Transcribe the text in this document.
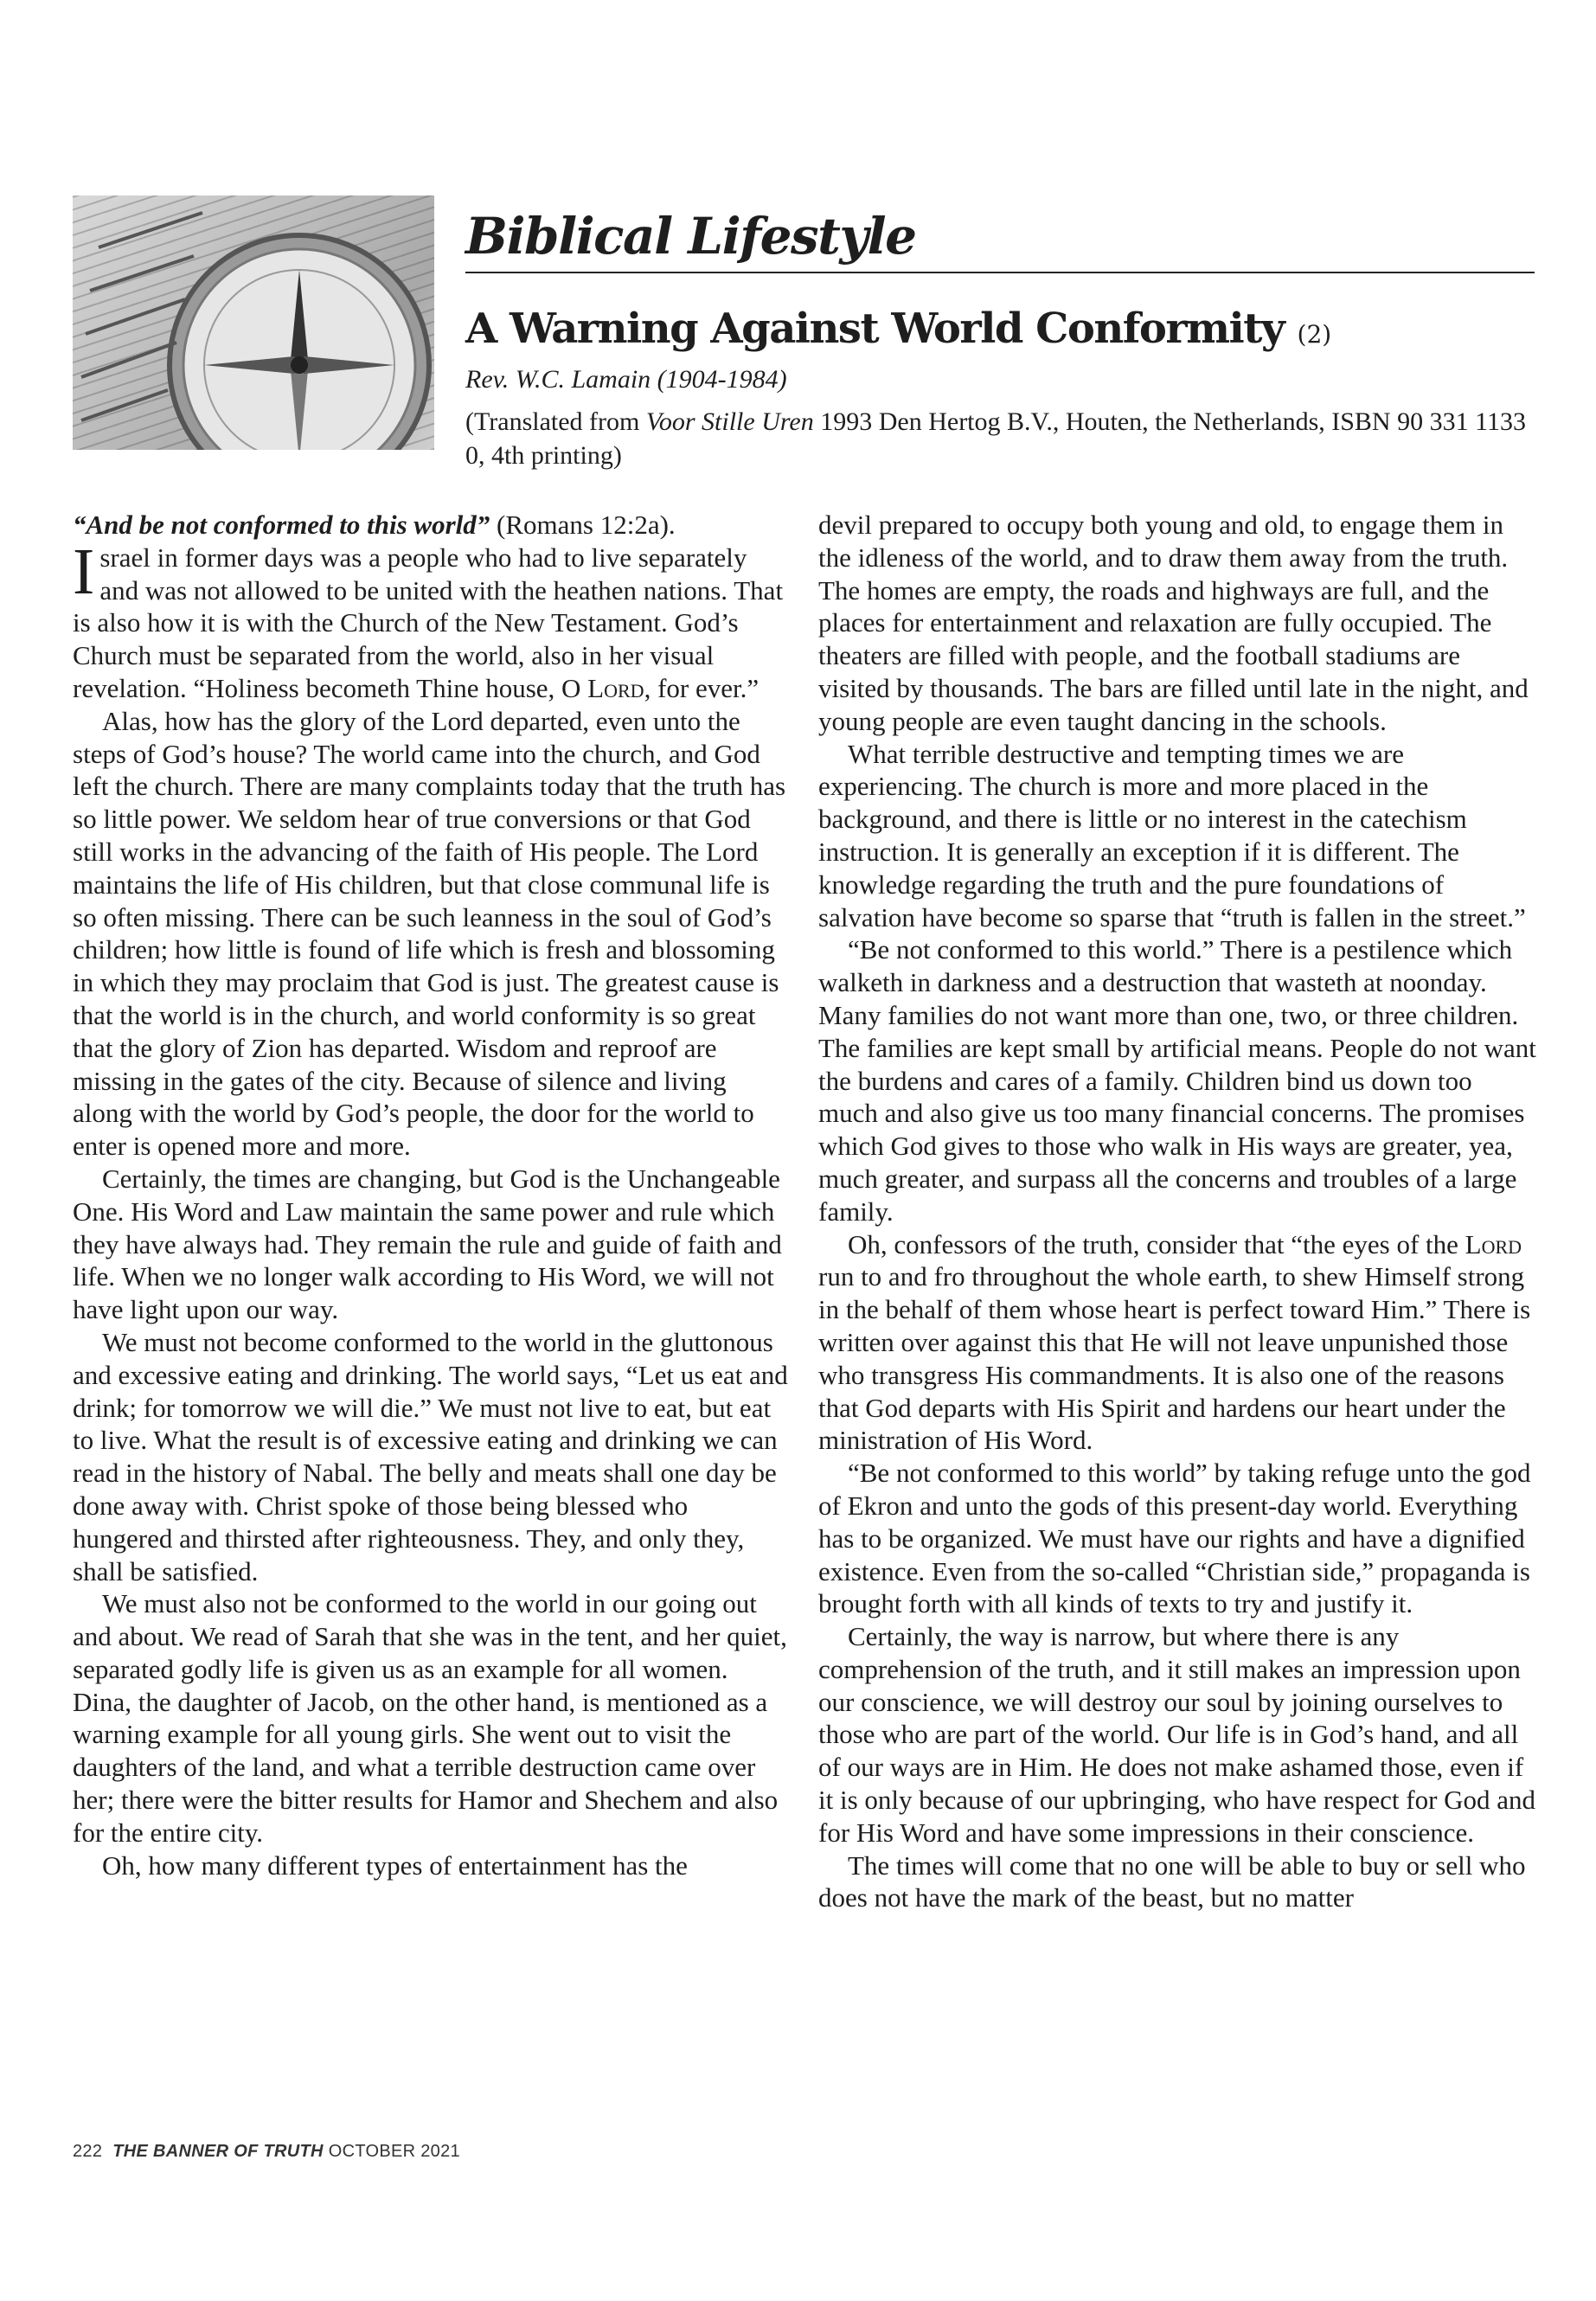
Biblical Lifestyle
A Warning Against World Conformity (2)
Rev. W.C. Lamain (1904-1984)
(Translated from Voor Stille Uren 1993 Den Hertog B.V., Houten, the Netherlands, ISBN 90 331 1133 0, 4th printing)

“And be not conformed to this world” (Romans 12:2a).

Israel in former days was a people who had to live separately and was not allowed to be united with the heathen nations. That is also how it is with the Church of the New Testament. God’s Church must be separated from the world, also in her visual revelation. “Holiness becometh Thine house, O Lord, for ever.”

Alas, how has the glory of the Lord departed, even unto the steps of God’s house? The world came into the church, and God left the church. There are many complaints today that the truth has so little power. We seldom hear of true conversions or that God still works in the advancing of the faith of His people. The Lord maintains the life of His children, but that close communal life is so often missing. There can be such leanness in the soul of God’s children; how little is found of life which is fresh and blossoming in which they may proclaim that God is just. The greatest cause is that the world is in the church, and world conformity is so great that the glory of Zion has departed. Wisdom and reproof are missing in the gates of the city. Because of silence and living along with the world by God’s people, the door for the world to enter is opened more and more.

Certainly, the times are changing, but God is the Unchangeable One. His Word and Law maintain the same power and rule which they have always had. They remain the rule and guide of faith and life. When we no longer walk according to His Word, we will not have light upon our way.

We must not become conformed to the world in the gluttonous and excessive eating and drinking. The world says, “Let us eat and drink; for tomorrow we will die.” We must not live to eat, but eat to live. What the result is of excessive eating and drinking we can read in the history of Nabal. The belly and meats shall one day be done away with. Christ spoke of those being blessed who hungered and thirsted after righteousness. They, and only they, shall be satisfied.

We must also not be conformed to the world in our going out and about. We read of Sarah that she was in the tent, and her quiet, separated godly life is given us as an example for all women. Dina, the daughter of Jacob, on the other hand, is mentioned as a warning example for all young girls. She went out to visit the daughters of the land, and what a terrible destruction came over her; there were the bitter results for Hamor and Shechem and also for the entire city.

Oh, how many different types of entertainment has the

devil prepared to occupy both young and old, to engage them in the idleness of the world, and to draw them away from the truth. The homes are empty, the roads and highways are full, and the places for entertainment and relaxation are fully occupied. The theaters are filled with people, and the football stadiums are visited by thousands. The bars are filled until late in the night, and young people are even taught dancing in the schools.

What terrible destructive and tempting times we are experiencing. The church is more and more placed in the background, and there is little or no interest in the catechism instruction. It is generally an exception if it is different. The knowledge regarding the truth and the pure foundations of salvation have become so sparse that “truth is fallen in the street.”

“Be not conformed to this world.” There is a pestilence which walketh in darkness and a destruction that wasteth at noonday. Many families do not want more than one, two, or three children. The families are kept small by artificial means. People do not want the burdens and cares of a family. Children bind us down too much and also give us too many financial concerns. The promises which God gives to those who walk in His ways are greater, yea, much greater, and surpass all the concerns and troubles of a large family.

Oh, confessors of the truth, consider that “the eyes of the Lord run to and fro throughout the whole earth, to shew Himself strong in the behalf of them whose heart is perfect toward Him.” There is written over against this that He will not leave unpunished those who transgress His commandments. It is also one of the reasons that God departs with His Spirit and hardens our heart under the ministration of His Word.

“Be not conformed to this world” by taking refuge unto the god of Ekron and unto the gods of this present-day world. Everything has to be organized. We must have our rights and have a dignified existence. Even from the so-called “Christian side,” propaganda is brought forth with all kinds of texts to try and justify it.

Certainly, the way is narrow, but where there is any comprehension of the truth, and it still makes an impression upon our conscience, we will destroy our soul by joining ourselves to those who are part of the world. Our life is in God’s hand, and all of our ways are in Him. He does not make ashamed those, even if it is only because of our upbringing, who have respect for God and for His Word and have some impressions in their conscience.

The times will come that no one will be able to buy or sell who does not have the mark of the beast, but no matter

222 THE BANNER OF TRUTH OCTOBER 2021
